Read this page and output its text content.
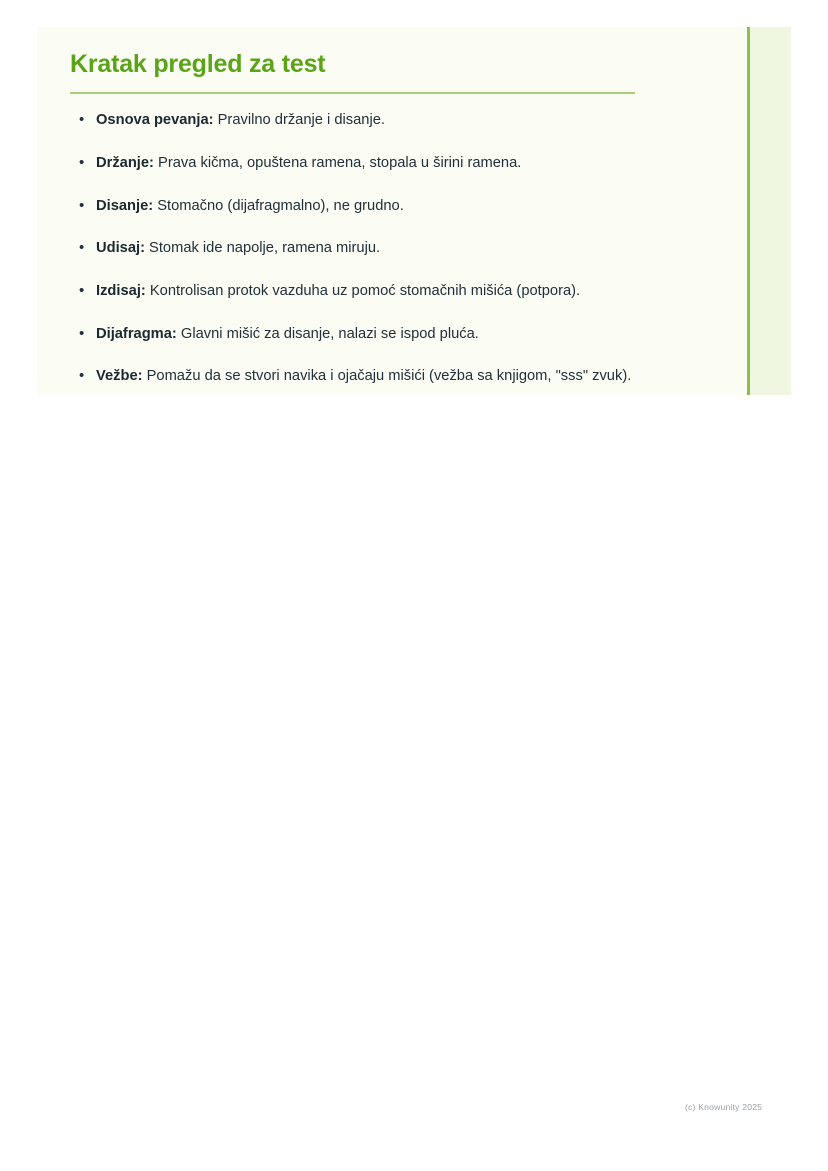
Kratak pregled za test
• Osnova pevanja: Pravilno držanje i disanje.
• Držanje: Prava kičma, opuštena ramena, stopala u širini ramena.
• Disanje: Stomačno (dijafragmalno), ne grudno.
• Udisaj: Stomak ide napolje, ramena miruju.
• Izdisaj: Kontrolisan protok vazduha uz pomoć stomačnih mišića (potpora).
• Dijafragma: Glavni mišić za disanje, nalazi se ispod pluća.
• Vežbe: Pomažu da se stvori navika i ojačaju mišići (vežba sa knjigom, "sss" zvuk).
(c) Knowunity 2025
